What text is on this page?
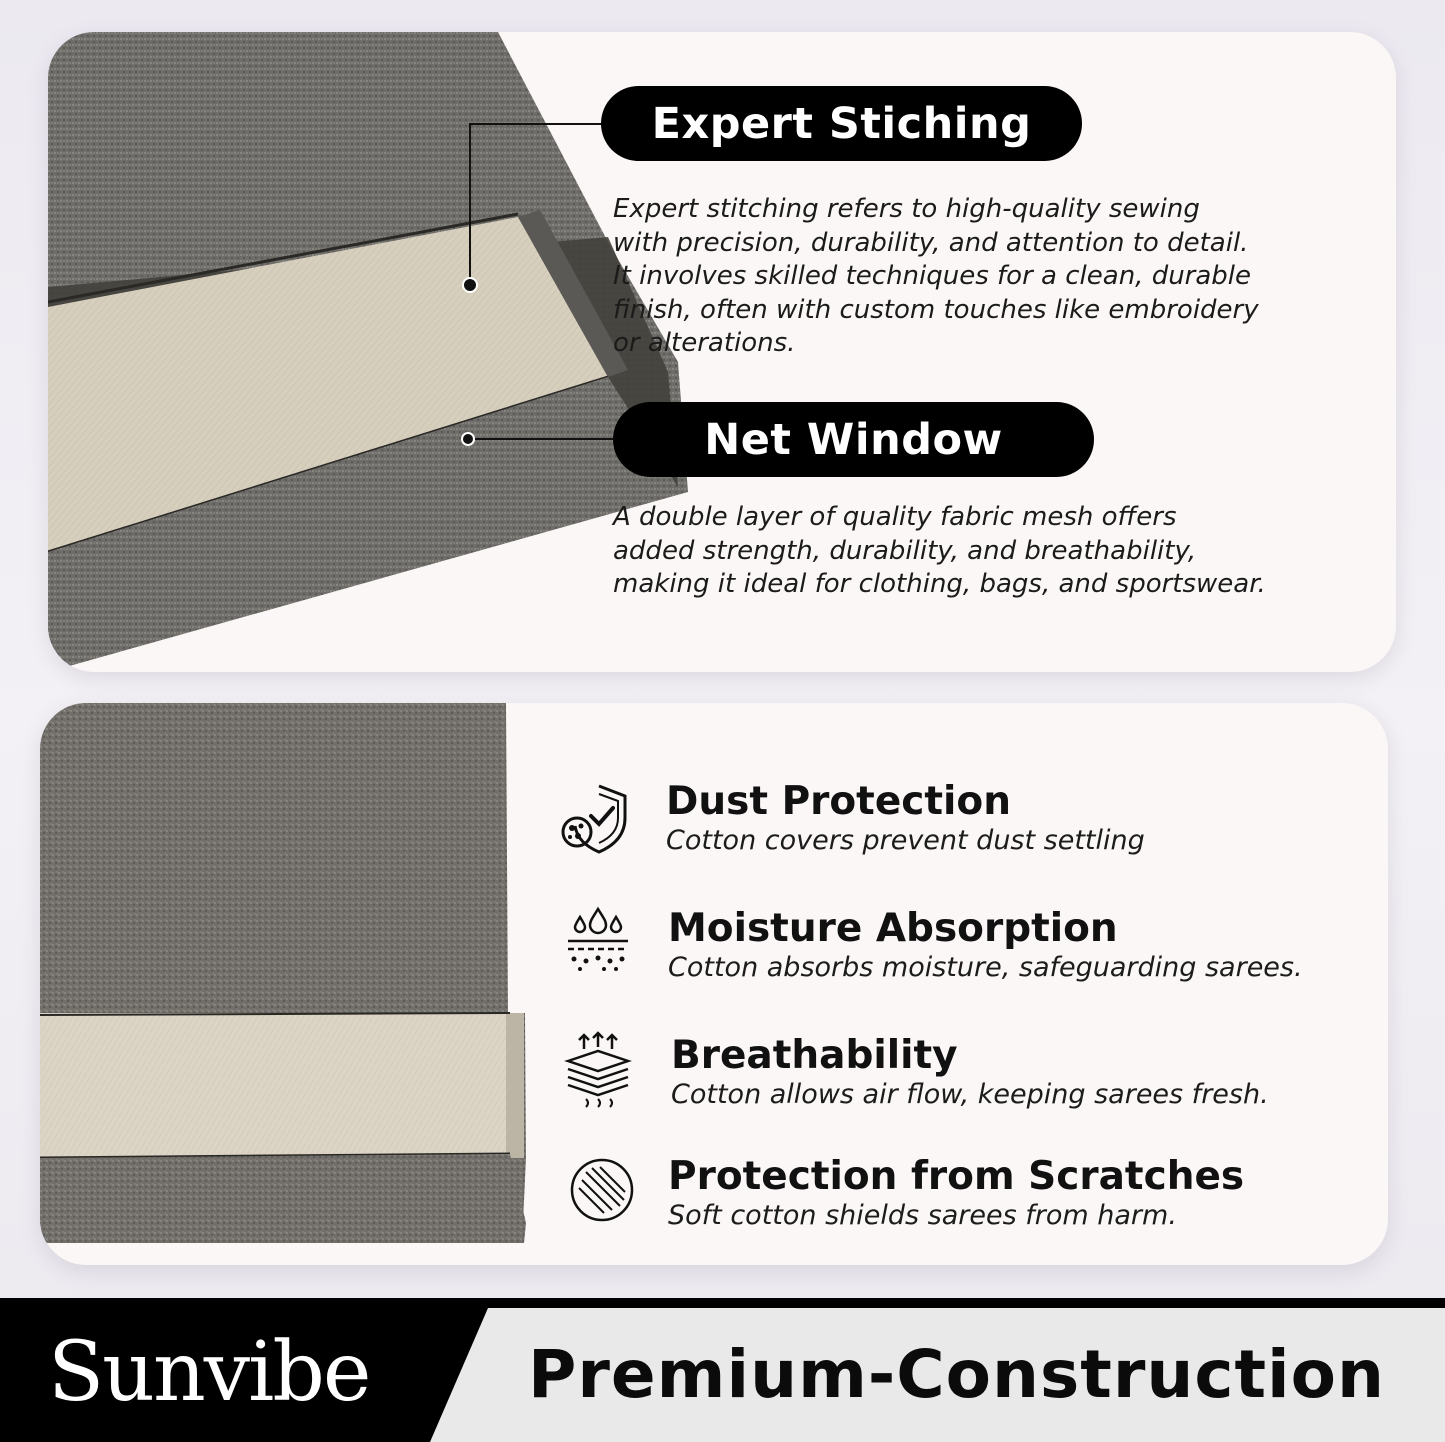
Expert Stiching
Expert stitching refers to high-quality sewing
with precision, durability, and attention to detail.
It involves skilled techniques for a clean, durable
finish, often with custom touches like embroidery
or alterations.
Net Window
A double layer of quality fabric mesh offers
added strength, durability, and breathability,
making it ideal for clothing, bags, and sportswear.
Dust Protection
Cotton covers prevent dust settling
Moisture Absorption
Cotton absorbs moisture, safeguarding sarees.
Breathability
Cotton allows air flow, keeping sarees fresh.
Protection from Scratches
Soft cotton shields sarees from harm.
Sunvibe Premium-Construction
